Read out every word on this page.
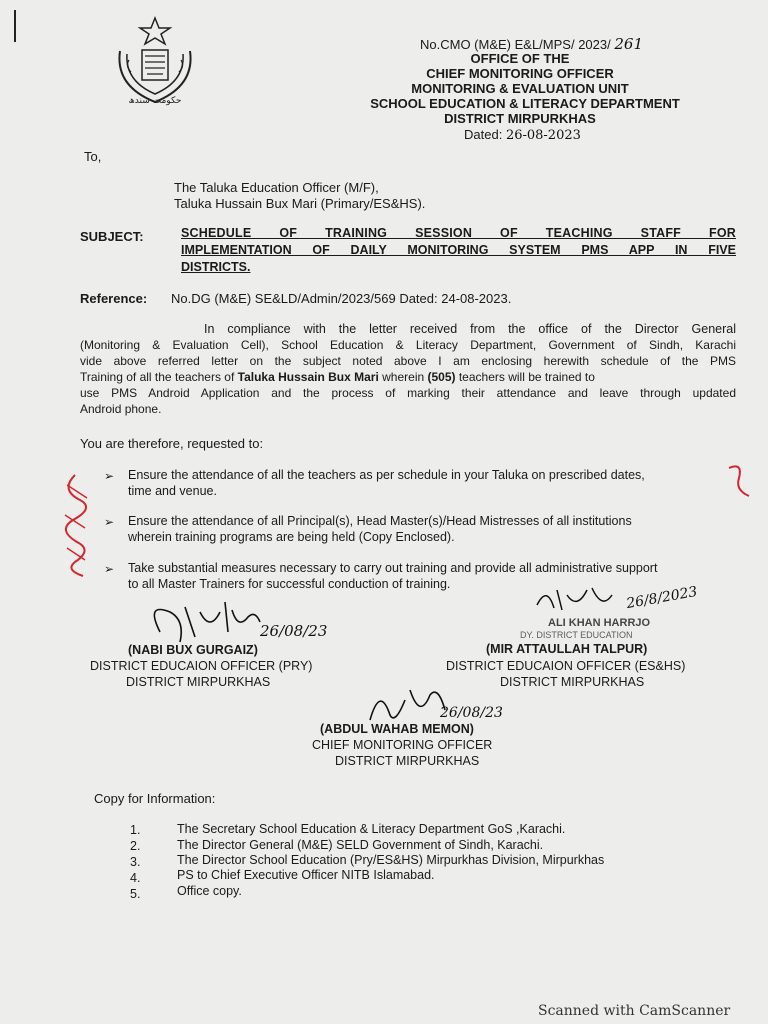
حکومت سندھ
No.CMO (M&E) E&L/MPS/ 2023/ 261
OFFICE OF THE
CHIEF MONITORING OFFICER
MONITORING & EVALUATION UNIT
SCHOOL EDUCATION & LITERACY DEPARTMENT
DISTRICT MIRPURKHAS
Dated: 26-08-2023
To,
The Taluka Education Officer (M/F),
Taluka Hussain Bux Mari (Primary/ES&HS).
SUBJECT:	SCHEDULE OF TRAINING SESSION OF TEACHING STAFF FOR
IMPLEMENTATION OF DAILY MONITORING SYSTEM PMS APP IN FIVE
DISTRICTS.
Reference: No.DG (M&E) SE&LD/Admin/2023/569 Dated: 24-08-2023.
In compliance with the letter received from the office of the Director General
(Monitoring & Evaluation Cell), School Education & Literacy Department, Government of Sindh, Karachi
vide above referred letter on the subject noted above I am enclosing herewith schedule of the PMS
Training of all the teachers of Taluka Hussain Bux Mari wherein (505) teachers will be trained to
use PMS Android Application and the process of marking their attendance and leave through updated
Android phone.
You are therefore, requested to:
➢ Ensure the attendance of all the teachers as per schedule in your Taluka on prescribed dates,
time and venue.
➢ Ensure the attendance of all Principal(s), Head Master(s)/Head Mistresses of all institutions
wherein training programs are being held (Copy Enclosed).
➢ Take substantial measures necessary to carry out training and provide all administrative support
to all Master Trainers for successful conduction of training.
26/08/23
(NABI BUX GURGAIZ)
DISTRICT EDUCAION OFFICER (PRY)
DISTRICT MIRPURKHAS
26/8/2023
ALI KHAN HARRJO
DY. DISTRICT EDUCATION
(MIR ATTAULLAH TALPUR)
DISTRICT EDUCAION OFFICER (ES&HS)
DISTRICT MIRPURKHAS
26/08/23
(ABDUL WAHAB MEMON)
CHIEF MONITORING OFFICER
DISTRICT MIRPURKHAS
Copy for Information:
1.	The Secretary School Education & Literacy Department GoS ,Karachi.
2.	The Director General (M&E) SELD Government of Sindh, Karachi.
3.	The Director School Education (Pry/ES&HS) Mirpurkhas Division, Mirpurkhas
4.	PS to Chief Executive Officer NITB Islamabad.
5.	Office copy.
Scanned with CamScanner
